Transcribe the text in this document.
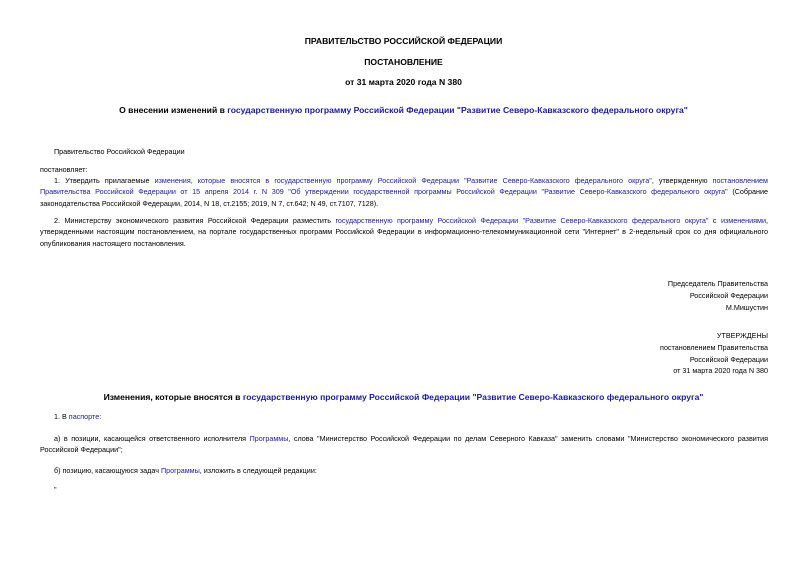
ПРАВИТЕЛЬСТВО РОССИЙСКОЙ ФЕДЕРАЦИИ
ПОСТАНОВЛЕНИЕ
от 31 марта 2020 года N 380
О внесении изменений в государственную программу Российской Федерации "Развитие Северо-Кавказского федерального округа"
Правительство Российской Федерации
постановляет:
1. Утвердить прилагаемые изменения, которые вносятся в государственную программу Российской Федерации "Развитие Северо-Кавказского федерального округа", утвержденную постановлением Правительства Российской Федерации от 15 апреля 2014 г. N 309 "Об утверждении государственной программы Российской Федерации "Развитие Северо-Кавказского федерального округа" (Собрание законодательства Российской Федерации, 2014, N 18, ст.2155; 2019, N 7, ст.642; N 49, ст.7107, 7128).
2. Министерству экономического развития Российской Федерации разместить государственную программу Российской Федерации "Развитие Северо-Кавказского федерального округа" с изменениями, утвержденными настоящим постановлением, на портале государственных программ Российской Федерации в информационно-телекоммуникационной сети "Интернет" в 2-недельный срок со дня официального опубликования настоящего постановления.
Председатель Правительства
Российской Федерации
М.Мишустин
УТВЕРЖДЕНЫ
постановлением Правительства
Российской Федерации
от 31 марта 2020 года N 380
Изменения, которые вносятся в государственную программу Российской Федерации "Развитие Северо-Кавказского федерального округа"
1. В паспорте:
а) в позиции, касающейся ответственного исполнителя Программы, слова "Министерство Российской Федерации по делам Северного Кавказа" заменить словами "Министерство экономического развития Российской Федерации";
б) позицию, касающуюся задач Программы, изложить в следующей редакции:
"
